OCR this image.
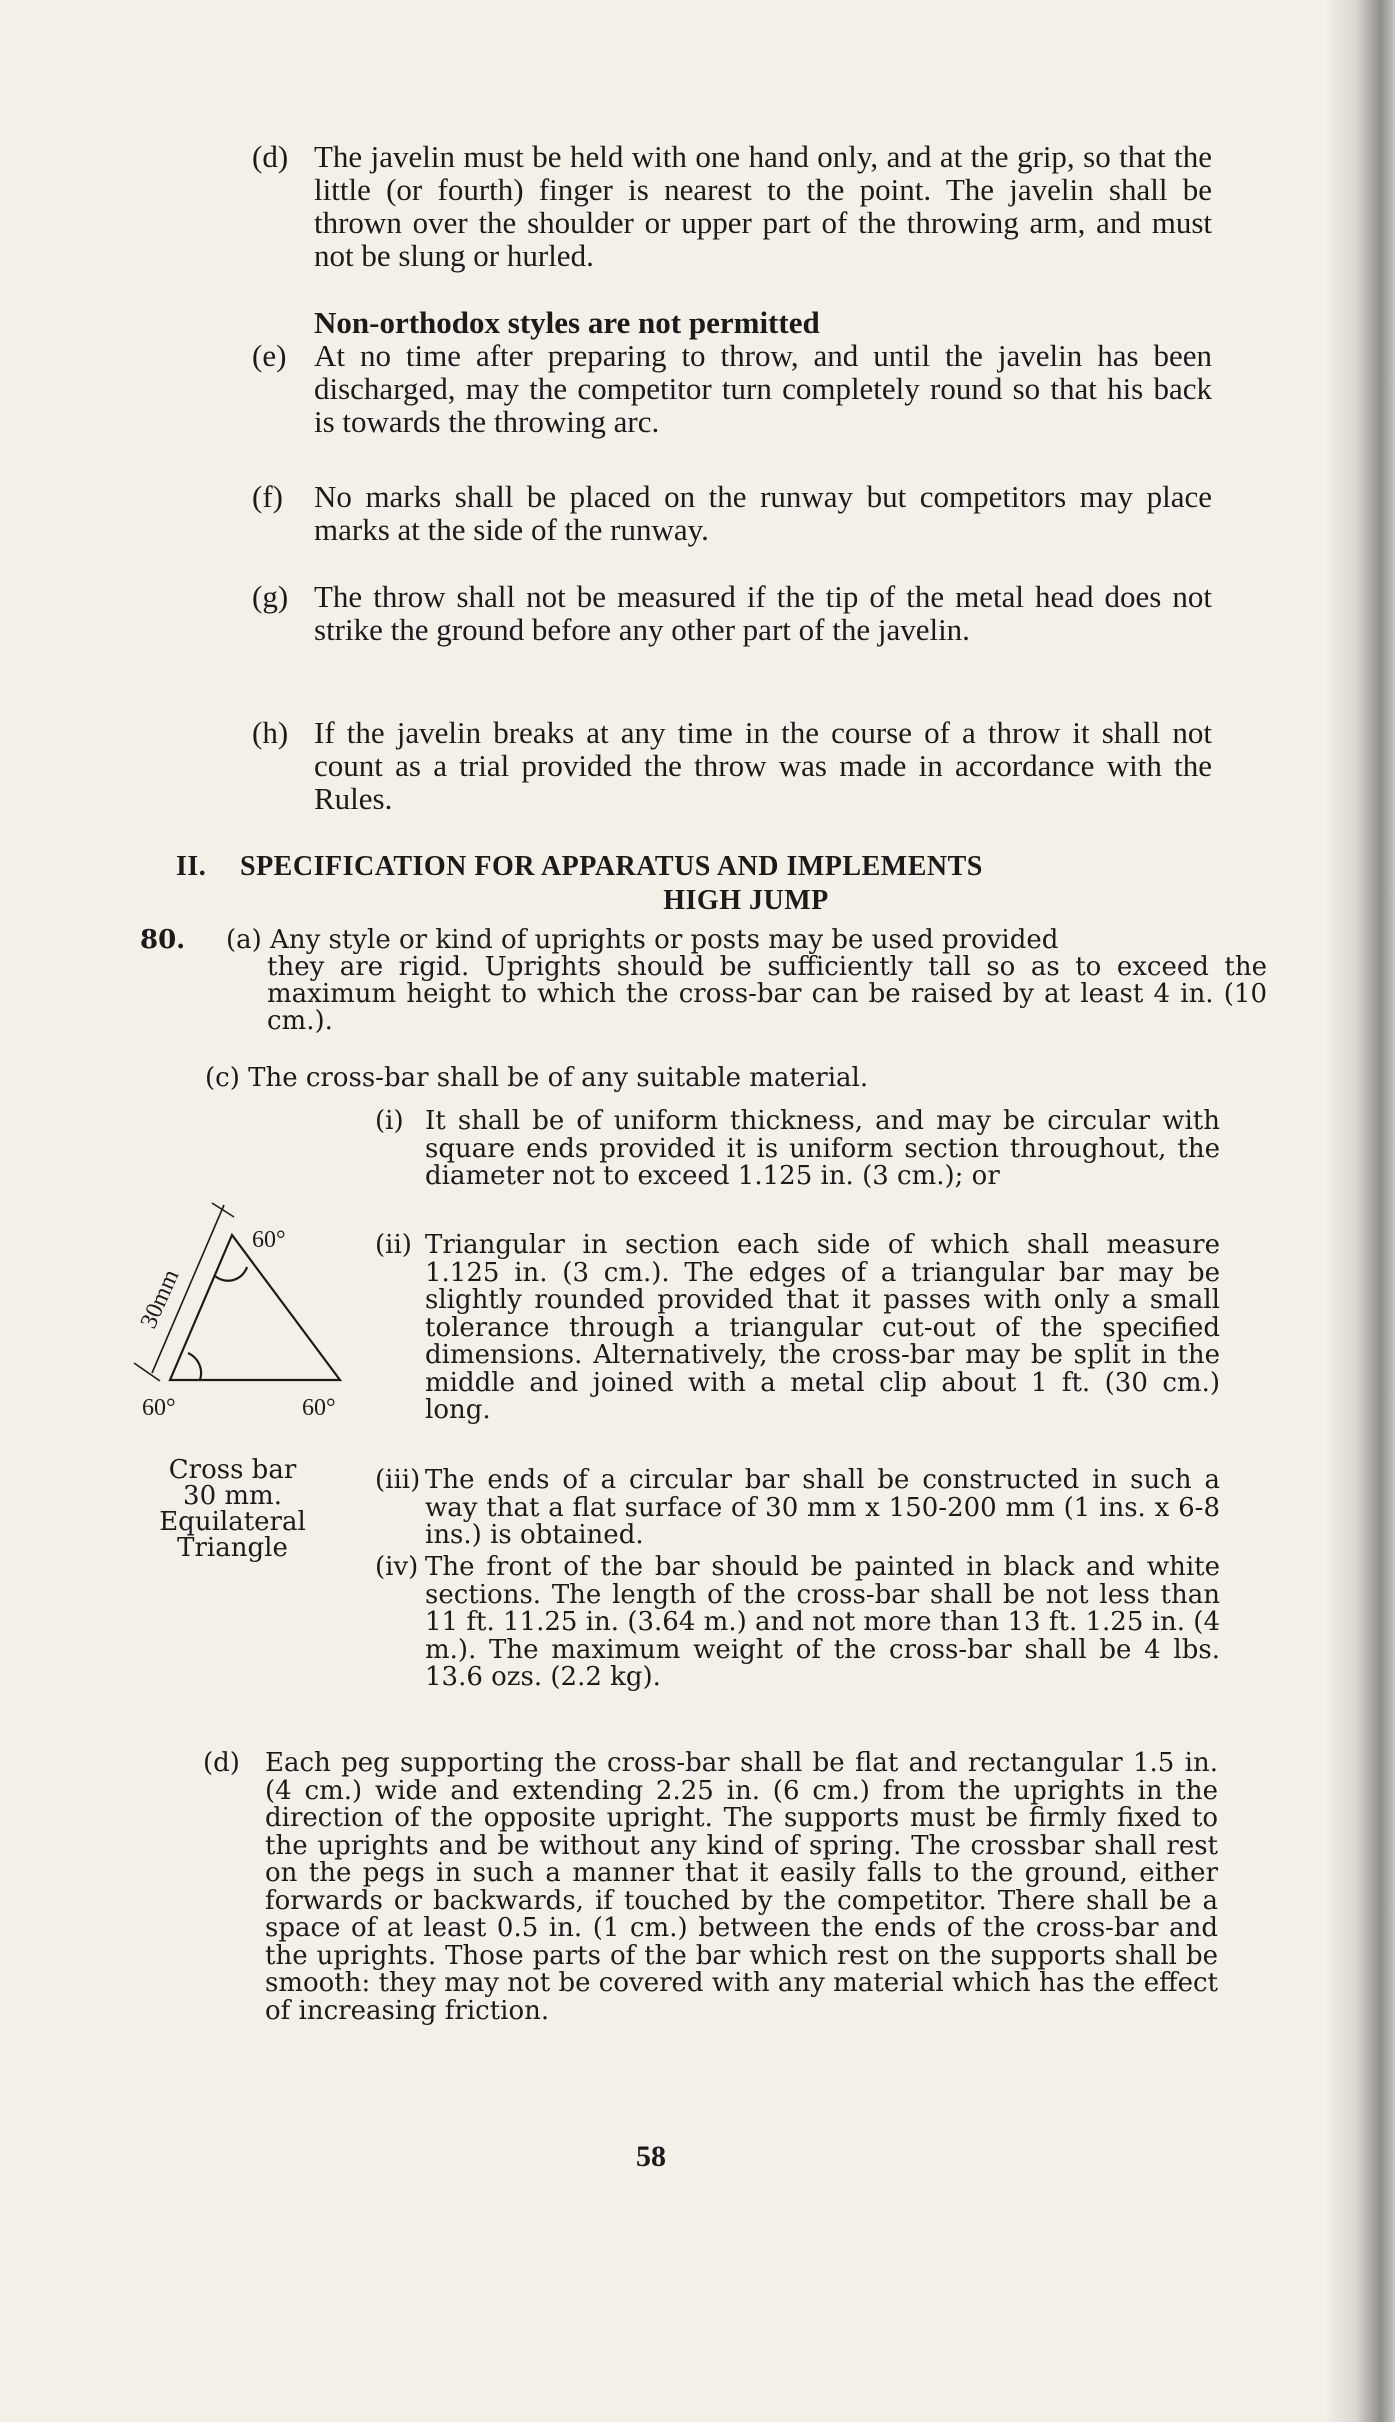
(d) The javelin must be held with one hand only, and at the grip, so that the little (or fourth) finger is nearest to the point. The javelin shall be thrown over the shoulder or upper part of the throwing arm, and must not be slung or hurled.
Non-orthodox styles are not permitted
(e) At no time after preparing to throw, and until the javelin has been discharged, may the competitor turn completely round so that his back is towards the throwing arc.
(f) No marks shall be placed on the runway but competitors may place marks at the side of the runway.
(g) The throw shall not be measured if the tip of the metal head does not strike the ground before any other part of the javelin.
(h) If the javelin breaks at any time in the course of a throw it shall not count as a trial provided the throw was made in accordance with the Rules.
II. SPECIFICATION FOR APPARATUS AND IMPLEMENTS
HIGH JUMP
80. (a) Any style or kind of uprights or posts may be used provided
they are rigid. Uprights should be sufficiently tall so as to exceed the maximum height to which the cross-bar can be raised by at least 4 in. (10 cm.).
(c) The cross-bar shall be of any suitable material.
(i) It shall be of uniform thickness, and may be circular with square ends provided it is uniform section throughout, the diameter not to exceed 1.125 in. (3 cm.); or
(ii) Triangular in section each side of which shall measure 1.125 in. (3 cm.). The edges of a triangular bar may be slightly rounded provided that it passes with only a small tolerance through a triangular cut-out of the specified dimensions. Alternatively, the cross-bar may be split in the middle and joined with a metal clip about 1 ft. (30 cm.) long.
(iii) The ends of a circular bar shall be constructed in such a way that a flat surface of 30 mm x 150-200 mm (1 ins. x 6-8 ins.) is obtained.
(iv) The front of the bar should be painted in black and white sections. The length of the cross-bar shall be not less than 11 ft. 11.25 in. (3.64 m.) and not more than 13 ft. 1.25 in. (4 m.). The maximum weight of the cross-bar shall be 4 lbs. 13.6 ozs. (2.2 kg).
60°
60°	60°
30mm
Cross bar
30 mm.
Equilateral
Triangle
(d) Each peg supporting the cross-bar shall be flat and rectangular 1.5 in. (4 cm.) wide and extending 2.25 in. (6 cm.) from the uprights in the direction of the opposite upright. The supports must be firmly fixed to the uprights and be without any kind of spring. The crossbar shall rest on the pegs in such a manner that it easily falls to the ground, either forwards or backwards, if touched by the competitor. There shall be a space of at least 0.5 in. (1 cm.) between the ends of the cross-bar and the uprights. Those parts of the bar which rest on the supports shall be smooth: they may not be covered with any material which has the effect of increasing friction.
58
